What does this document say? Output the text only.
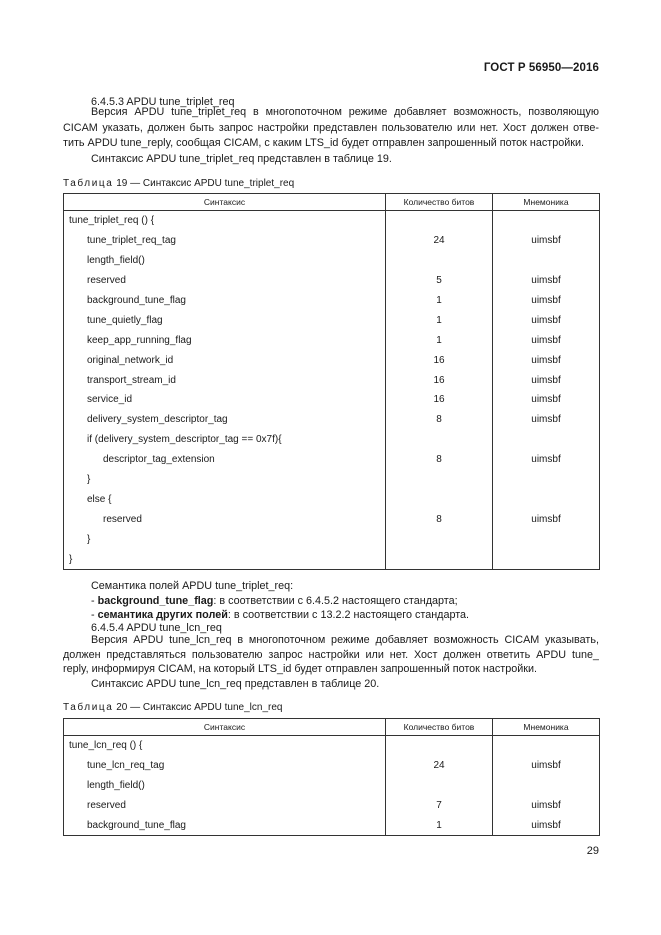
ГОСТ Р 56950—2016
6.4.5.3 APDU tune_triplet_req
Версия APDU tune_triplet_req в многопоточном режиме добавляет возможность, позволяющую
CICAM указать, должен быть запрос настройки представлен пользователю или нет. Хост должен отве-
тить APDU tune_reply, сообщая CICAM, с каким LTS_id будет отправлен запрошенный поток настройки.
Синтаксис APDU tune_triplet_req представлен в таблице 19.
Таблица 19 — Синтаксис APDU tune_triplet_req
Синтаксис	Количество битов	Мнемоника
tune_triplet_req () {		
tune_triplet_req_tag	24	uimsbf
length_field()		
reserved	5	uimsbf
background_tune_flag	1	uimsbf
tune_quietly_flag	1	uimsbf
keep_app_running_flag	1	uimsbf
original_network_id	16	uimsbf
transport_stream_id	16	uimsbf
service_id	16	uimsbf
delivery_system_descriptor_tag	8	uimsbf
if (delivery_system_descriptor_tag == 0x7f){		
descriptor_tag_extension	8	uimsbf
}		
else {		
reserved	8	uimsbf
}		
}		
Семантика полей APDU tune_triplet_req:
- background_tune_flag: в соответствии с 6.4.5.2 настоящего стандарта;
- семантика других полей: в соответствии с 13.2.2 настоящего стандарта.
6.4.5.4 APDU tune_lcn_req
Версия APDU tune_lcn_req в многопоточном режиме добавляет возможность CICAM указывать,
должен представляться пользователю запрос настройки или нет. Хост должен ответить APDU tune_
reply, информируя CICAM, на который LTS_id будет отправлен запрошенный поток настройки.
Синтаксис APDU tune_lcn_req представлен в таблице 20.
Таблица 20 — Синтаксис APDU tune_lcn_req
Синтаксис	Количество битов	Мнемоника
tune_lcn_req () {		
tune_lcn_req_tag	24	uimsbf
length_field()		
reserved	7	uimsbf
background_tune_flag	1	uimsbf
29
